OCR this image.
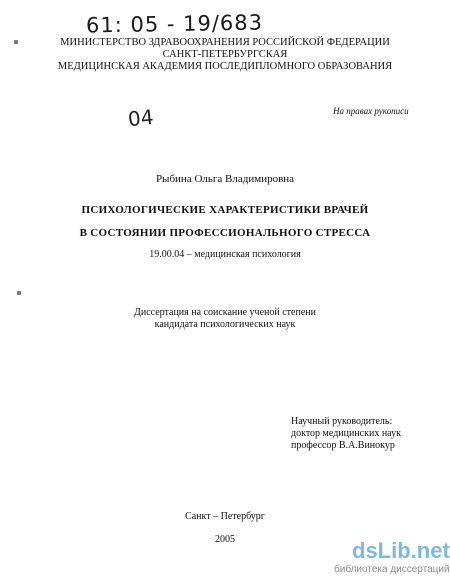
61: 05 - 19/683
МИНИСТЕРСТВО ЗДРАВООХРАНЕНИЯ РОССИЙСКОЙ ФЕДЕРАЦИИ
САНКТ-ПЕТЕРБУРГСКАЯ
МЕДИЦИНСКАЯ АКАДЕМИЯ ПОСЛЕДИПЛОМНОГО ОБРАЗОВАНИЯ
04	На правах рукописи
Рыбина Ольга Владимировна
ПСИХОЛОГИЧЕСКИЕ ХАРАКТЕРИСТИКИ ВРАЧЕЙ
В СОСТОЯНИИ ПРОФЕССИОНАЛЬНОГО СТРЕССА
19.00.04 – медицинская психология
Диссертация на соискание ученой степени
кандидата психологических наук
Научный руководитель:
доктор медицинских наук
профессор В.А.Винокур
Санкт – Петербург
2005	dsLib.net
библиотека диссертаций
